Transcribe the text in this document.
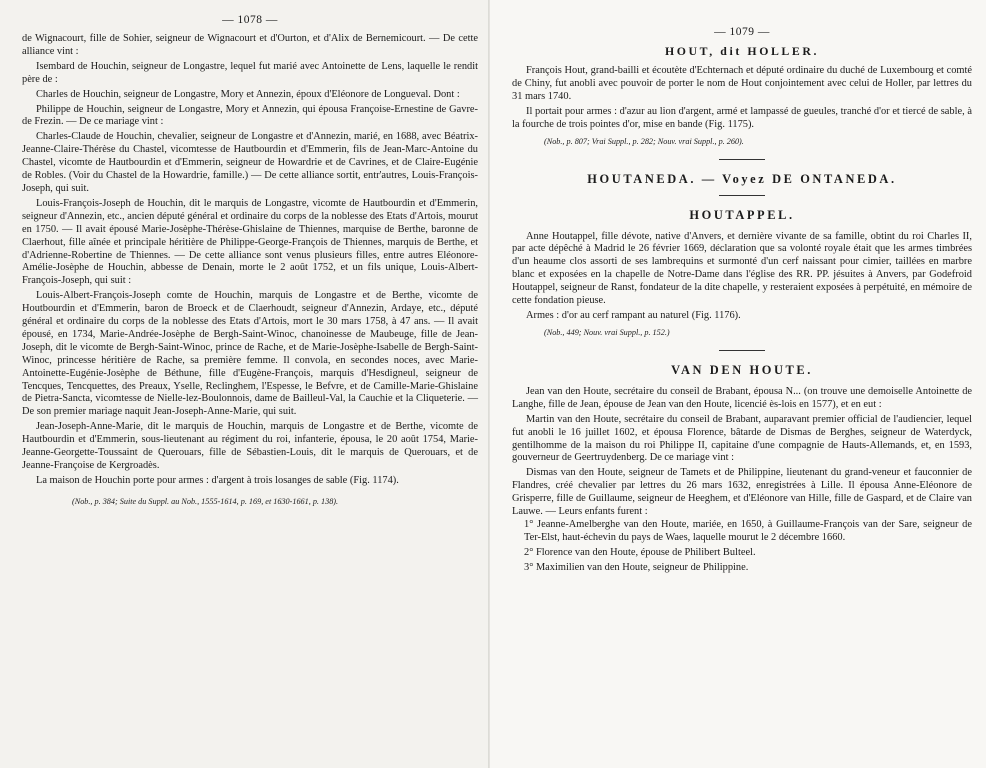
— 1078 —

de Wignacourt, fille de Sohier, seigneur de Wignacourt et d'Ourton, et d'Alix de Bernemicourt. — De cette alliance vint :

Isembard de Houchin, seigneur de Longastre, lequel fut marié avec Antoinette de Lens, laquelle le rendit père de :

Charles de Houchin, seigneur de Longastre, Mory et Annezin, époux d'Eléonore de Longueval. Dont :

Philippe de Houchin, seigneur de Longastre, Mory et Annezin, qui épousa Françoise-Ernestine de Gavre-de Frezin. — De ce mariage vint :

Charles-Claude de Houchin, chevalier, seigneur de Longastre et d'Annezin, marié, en 1688, avec Béatrix-Jeanne-Claire-Thérèse du Chastel, vicomtesse de Hautbourdin et d'Emmerin, fils de Jean-Marc-Antoine du Chastel, vicomte de Hautbourdin et d'Emmerin, seigneur de Howardrie et de Cavrines, et de Claire-Eugénie de Robles. (Voir du Chastel de la Howardrie, famille.) — De cette alliance sortit, entr'autres, Louis-François-Joseph, qui suit.

Louis-François-Joseph de Houchin, dit le marquis de Longastre, vicomte de Hautbourdin et d'Emmerin, seigneur d'Annezin, etc., ancien député général et ordinaire du corps de la noblesse des Etats d'Artois, mourut en 1750. — Il avait épousé Marie-Josèphe-Thérèse-Ghislaine de Thiennes, marquise de Berthe, baronne de Claerhout, fille aînée et principale héritière de Philippe-George-François de Thiennes, marquis de Berthe, et d'Adrienne-Robertine de Thiennes. — De cette alliance sont venus plusieurs filles, entre autres Eléonore-Amélie-Josèphe de Houchin, abbesse de Denain, morte le 2 août 1752, et un fils unique, Louis-Albert-François-Joseph, qui suit :

Louis-Albert-François-Joseph comte de Houchin, marquis de Longastre et de Berthe, vicomte de Houtbourdin et d'Emmerin, baron de Broeck et de Claerhoudt, seigneur d'Annezin, Ardaye, etc., député général et ordinaire du corps de la noblesse des Etats d'Artois, mort le 30 mars 1758, à 47 ans. — Il avait épousé, en 1734, Marie-Andrée-Josèphe de Bergh-Saint-Winoc, chanoinesse de Maubeuge, fille de Jean-Joseph, dit le vicomte de Bergh-Saint-Winoc, prince de Rache, et de Marie-Josèphe-Isabelle de Bergh-Saint-Winoc, princesse héritière de Rache, sa première femme. Il convola, en secondes noces, avec Marie-Antoinette-Eugénie-Josèphe de Béthune, fille d'Eugène-François, marquis d'Hesdigneul, seigneur de Tencques, Tencquettes, des Preaux, Yselle, Reclinghem, l'Espesse, le Befvre, et de Camille-Marie-Ghislaine de Pietra-Sancta, vicomtesse de Nielle-lez-Boulonnois, dame de Bailleul-Val, la Cauchie et la Cliqueterie. — De son premier mariage naquit Jean-Joseph-Anne-Marie, qui suit.

Jean-Joseph-Anne-Marie, dit le marquis de Houchin, marquis de Longastre et de Berthe, vicomte de Hautbourdin et d'Emmerin, sous-lieutenant au régiment du roi, infanterie, épousa, le 20 août 1754, Marie-Jeanne-Georgette-Toussaint de Querouars, fille de Sébastien-Louis, dit le marquis de Querouars, et de Jeanne-Françoise de Kergroadès.

La maison de Houchin porte pour armes : d'argent à trois losanges de sable (Fig. 1174).

(Nob., p. 384; Suite du Suppl. au Nob., 1555-1614, p. 169, et 1630-1661, p. 138).
— 1079 —
HOUT, dit HOLLER.

François Hout, grand-bailli et écoutète d'Echternach et député ordinaire du duché de Luxembourg et comté de Chiny, fut anobli avec pouvoir de porter le nom de Hout conjointement avec celui de Holler, par lettres du 31 mars 1740.

Il portait pour armes : d'azur au lion d'argent, armé et lampassé de gueules, tranché d'or et tiercé de sable, à la fourche de trois pointes d'or, mise en bande (Fig. 1175).

(Nob., p. 807; Vrai Suppl., p. 282; Nouv. vrai Suppl., p. 260).
HOUTANEDA. — Voyez DE ONTANEDA.
HOUTAPPEL.

Anne Houtappel, fille dévote, native d'Anvers, et dernière vivante de sa famille, obtint du roi Charles II, par acte dépêché à Madrid le 26 février 1669, déclaration que sa volonté royale était que les armes timbrées d'un heaume clos assorti de ses lambrequins et surmonté d'un cerf naissant pour cimier, taillées en marbre blanc et exposées en la chapelle de Notre-Dame dans l'église des RR. PP. jésuites à Anvers, par Godefroid Houtappel, seigneur de Ranst, fondateur de la dite chapelle, y resteraient exposées à perpétuité, en mémoire de cette fondation pieuse.

Armes : d'or au cerf rampant au naturel (Fig. 1176).

(Nob., 449; Nouv. vrai Suppl., p. 152.)
VAN DEN HOUTE.

Jean van den Houte, secrétaire du conseil de Brabant, épousa N... (on trouve une demoiselle Antoinette de Langhe, fille de Jean, épouse de Jean van den Houte, licencié ès-lois en 1577), et en eut :

Martin van den Houte, secrétaire du conseil de Brabant, auparavant premier official de l'audiencier, lequel fut anobli le 16 juillet 1602, et épousa Florence, bâtarde de Dismas de Berghes, seigneur de Waterdyck, gentilhomme de la maison du roi Philippe II, capitaine d'une compagnie de Hauts-Allemands, et, en 1593, gouverneur de Geertruydenberg. De ce mariage vint :

Dismas van den Houte, seigneur de Tamets et de Philippine, lieutenant du grand-veneur et fauconnier de Flandres, créé chevalier par lettres du 26 mars 1632, enregistrées à Lille. Il épousa Anne-Eléonore de Grisperre, fille de Guillaume, seigneur de Heeghem, et d'Eléonore van Hille, fille de Gaspard, et de Claire van Lauwe. — Leurs enfants furent :

1° Jeanne-Amelberghe van den Houte, mariée, en 1650, à Guillaume-François van der Sare, seigneur de Ter-Elst, haut-échevin du pays de Waes, laquelle mourut le 2 décembre 1660.

2° Florence van den Houte, épouse de Philibert Bulteel.

3° Maximilien van den Houte, seigneur de Philippine.
